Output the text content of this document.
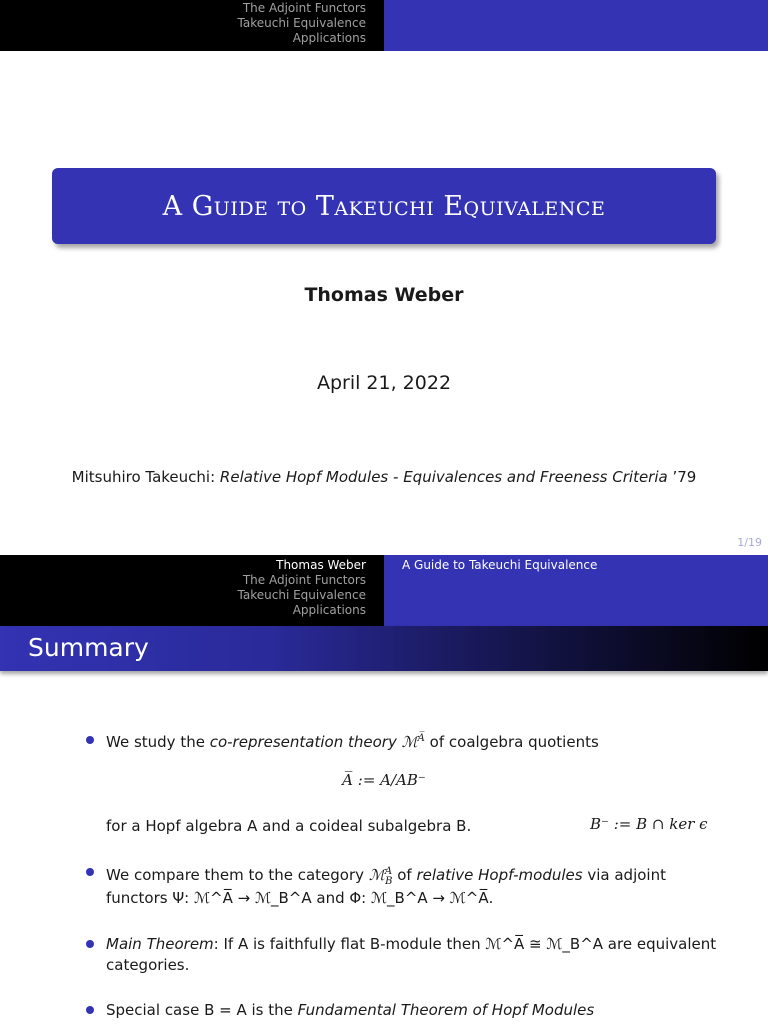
The Adjoint Functors
Takeuchi Equivalence
Applications
A Guide to Takeuchi Equivalence
Thomas Weber
April 21, 2022
Mitsuhiro Takeuchi: Relative Hopf Modules - Equivalences and Freeness Criteria ’79
1/19
Thomas Weber
The Adjoint Functors
Takeuchi Equivalence
Applications
A Guide to Takeuchi Equivalence
Summary
We study the co-representation theory ℳ$^{A̅}$ of coalgebra quotients
A̅ := A/AB⁻
for a Hopf algebra A and a coideal subalgebra B.	B⁻ := B ∩ ker ϵ
We compare them to the category ℳ$^A_B$ of relative Hopf-modules via adjoint
functors Ψ: ℳ^A̅ → ℳ_B^A and Φ: ℳ_B^A → ℳ^A̅.
Main Theorem: If A is faithfully flat B-module then ℳ^A̅ ≅ ℳ_B^A are equivalent
categories.
Special case B = A is the Fundamental Theorem of Hopf Modules
